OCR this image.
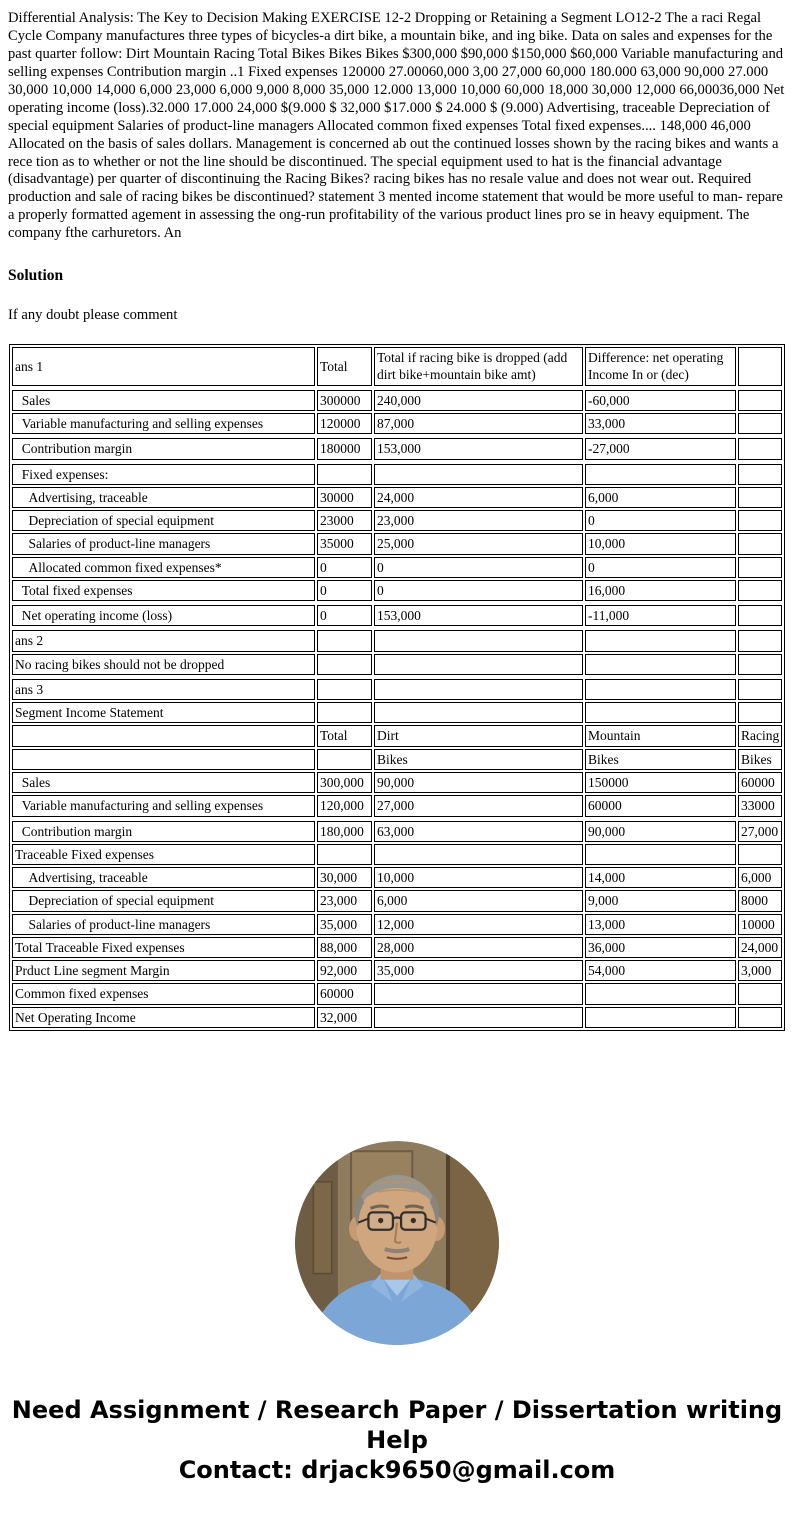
Differential Analysis: The Key to Decision Making EXERCISE 12-2 Dropping or Retaining a Segment LO12-2 The a raci Regal Cycle Company manufactures three types of bicycles-a dirt bike, a mountain bike, and ing bike. Data on sales and expenses for the past quarter follow: Dirt Mountain Racing Total Bikes Bikes Bikes $300,000 $90,000 $150,000 $60,000 Variable manufacturing and selling expenses Contribution margin ..1 Fixed expenses 120000 27.00060,000 3,00 27,000 60,000 180.000 63,000 90,000 27.000 30,000 10,000 14,000 6,000 23,000 6,000 9,000 8,000 35,000 12.000 13,000 10,000 60,000 18,000 30,000 12,000 66,00036,000 Net operating income (loss).32.000 17.000 24,000 $(9.000 $ 32,000 $17.000 $ 24.000 $ (9.000) Advertising, traceable Depreciation of special equipment Salaries of product-line managers Allocated common fixed expenses Total fixed expenses.... 148,000 46,000 Allocated on the basis of sales dollars. Management is concerned ab out the continued losses shown by the racing bikes and wants a rece tion as to whether or not the line should be discontinued. The special equipment used to hat is the financial advantage (disadvantage) per quarter of discontinuing the Racing Bikes? racing bikes has no resale value and does not wear out. Required production and sale of racing bikes be discontinued? statement 3 mented income statement that would be more useful to man- repare a properly formatted agement in assessing the ong-run profitability of the various product lines pro se in heavy equipment. The company fthe carhuretors. An

Solution

If any doubt please comment

ans 1	Total	Total if racing bike is dropped (add dirt bike+mountain bike amt)	Difference: net operating Income In or (dec)	
Sales	300000	240,000	-60,000	
Variable manufacturing and selling expenses	120000	87,000	33,000	
Contribution margin	180000	153,000	-27,000	
Fixed expenses:				
Advertising, traceable	30000	24,000	6,000	
Depreciation of special equipment	23000	23,000	0	
Salaries of product-line managers	35000	25,000	10,000	
Allocated common fixed expenses*	0	0	0	
Total fixed expenses	0	0	16,000	
Net operating income (loss)	0	153,000	-11,000	
ans 2				
No racing bikes should not be dropped				
ans 3				
Segment Income Statement				
	Total	Dirt	Mountain	Racing
		Bikes	Bikes	Bikes
Sales	300,000	90,000	150000	60000
Variable manufacturing and selling expenses	120,000	27,000	60000	33000
Contribution margin	180,000	63,000	90,000	27,000
Traceable Fixed expenses				
Advertising, traceable	30,000	10,000	14,000	6,000
Depreciation of special equipment	23,000	6,000	9,000	8000
Salaries of product-line managers	35,000	12,000	13,000	10000
Total Traceable Fixed expenses	88,000	28,000	36,000	24,000
Prduct Line segment Margin	92,000	35,000	54,000	3,000
Common fixed expenses	60000			
Net Operating Income	32,000			

Need Assignment / Research Paper / Dissertation writing Help

Contact: drjack9650@gmail.com
